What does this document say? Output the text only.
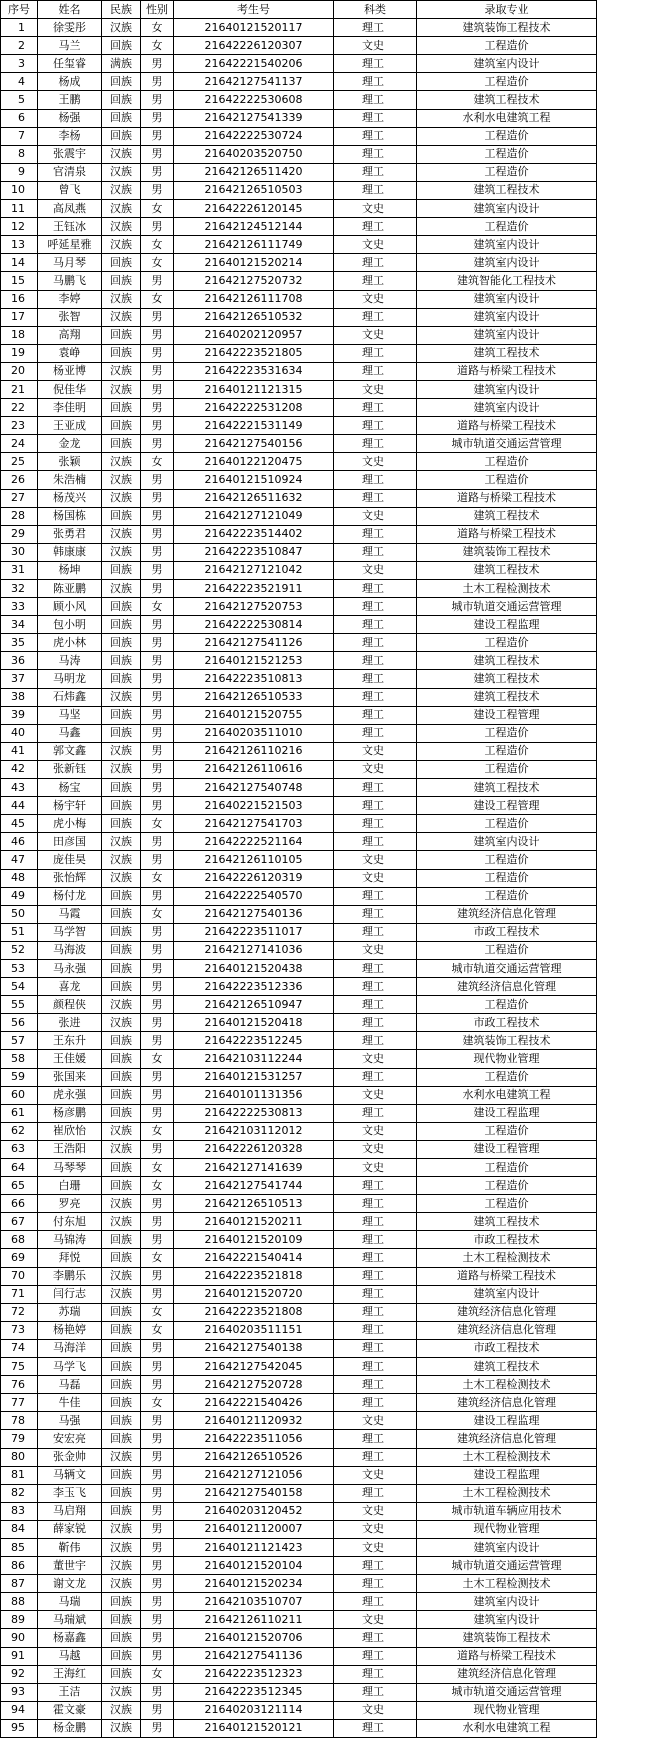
序号	姓名	民族	性别	考生号	科类	录取专业
1	徐雯彤	汉族	女	21640121520117	理工	建筑装饰工程技术
2	马兰	回族	女	21642226120307	文史	工程造价
3	任玺睿	满族	男	21642221540206	理工	建筑室内设计
4	杨成	回族	男	21642127541137	理工	工程造价
5	王鹏	回族	男	21642222530608	理工	建筑工程技术
6	杨强	回族	男	21642127541339	理工	水利水电建筑工程
7	李杨	回族	男	21642222530724	理工	工程造价
8	张震宇	汉族	男	21640203520750	理工	工程造价
9	官清泉	汉族	男	21642126511420	理工	工程造价
10	曾飞	汉族	男	21642126510503	理工	建筑工程技术
11	高凤燕	汉族	女	21642226120145	文史	建筑室内设计
12	王钰冰	汉族	男	21642124512144	理工	工程造价
13	呼延星雅	汉族	女	21642126111749	文史	建筑室内设计
14	马月琴	回族	女	21640121520214	理工	建筑室内设计
15	马鹏飞	回族	男	21642127520732	理工	建筑智能化工程技术
16	李婷	汉族	女	21642126111708	文史	建筑室内设计
17	张智	汉族	男	21642126510532	理工	建筑室内设计
18	高翔	回族	男	21640202120957	文史	建筑室内设计
19	袁峥	回族	男	21642223521805	理工	建筑工程技术
20	杨亚博	汉族	男	21642223531634	理工	道路与桥梁工程技术
21	倪佳华	汉族	男	21640121121315	文史	建筑室内设计
22	李佳明	回族	男	21642222531208	理工	建筑室内设计
23	王亚成	回族	男	21642221531149	理工	道路与桥梁工程技术
24	金龙	回族	男	21642127540156	理工	城市轨道交通运营管理
25	张颖	汉族	女	21640122120475	文史	工程造价
26	朱浩楠	汉族	男	21640121510924	理工	工程造价
27	杨茂兴	汉族	男	21642126511632	理工	道路与桥梁工程技术
28	杨国栋	回族	男	21642127121049	文史	建筑工程技术
29	张勇君	汉族	男	21642223514402	理工	道路与桥梁工程技术
30	韩康康	汉族	男	21642223510847	理工	建筑装饰工程技术
31	杨坤	回族	男	21642127121042	文史	建筑工程技术
32	陈亚鹏	汉族	男	21642223521911	理工	土木工程检测技术
33	顾小风	回族	女	21642127520753	理工	城市轨道交通运营管理
34	包小明	回族	男	21642222530814	理工	建设工程监理
35	虎小林	回族	男	21642127541126	理工	工程造价
36	马涛	回族	男	21640121521253	理工	建筑工程技术
37	马明龙	回族	男	21642223510813	理工	建筑工程技术
38	石炜鑫	汉族	男	21642126510533	理工	建筑工程技术
39	马坚	回族	男	21640121520755	理工	建设工程管理
40	马鑫	回族	男	21640203511010	理工	工程造价
41	郭文鑫	汉族	男	21642126110216	文史	工程造价
42	张新钰	汉族	男	21642126110616	文史	工程造价
43	杨宝	回族	男	21642127540748	理工	建筑工程技术
44	杨宇轩	回族	男	21640221521503	理工	建设工程管理
45	虎小梅	回族	女	21642127541703	理工	工程造价
46	田彦国	汉族	男	21642222521164	理工	建筑室内设计
47	庞佳昊	汉族	男	21642126110105	文史	工程造价
48	张怡辉	汉族	女	21642226120319	文史	工程造价
49	杨付龙	回族	男	21642222540570	理工	工程造价
50	马霞	回族	女	21642127540136	理工	建筑经济信息化管理
51	马学智	回族	男	21642223511017	理工	市政工程技术
52	马海波	回族	男	21642127141036	文史	工程造价
53	马永强	回族	男	21640121520438	理工	城市轨道交通运营管理
54	喜龙	回族	男	21642223512336	理工	建筑经济信息化管理
55	颜程侠	汉族	男	21642126510947	理工	工程造价
56	张进	汉族	男	21640121520418	理工	市政工程技术
57	王东升	回族	男	21642223512245	理工	建筑装饰工程技术
58	王佳媛	回族	女	21642103112244	文史	现代物业管理
59	张国来	回族	男	21640121531257	理工	工程造价
60	虎永强	回族	男	21640101131356	文史	水利水电建筑工程
61	杨彦鹏	回族	男	21642222530813	理工	建设工程监理
62	崔欣怡	汉族	女	21642103112012	文史	工程造价
63	王浩阳	汉族	男	21642226120328	文史	建设工程管理
64	马琴琴	回族	女	21642127141639	文史	工程造价
65	白珊	回族	女	21642127541744	理工	工程造价
66	罗亮	汉族	男	21642126510513	理工	工程造价
67	付东旭	汉族	男	21640121520211	理工	建筑工程技术
68	马锦涛	回族	男	21640121520109	理工	市政工程技术
69	拜悦	回族	女	21642221540414	理工	土木工程检测技术
70	李鹏乐	汉族	男	21642223521818	理工	道路与桥梁工程技术
71	闫行志	汉族	男	21640121520720	理工	建筑室内设计
72	苏瑞	回族	女	21642223521808	理工	建筑经济信息化管理
73	杨艳婷	回族	女	21640203511151	理工	建筑经济信息化管理
74	马海洋	回族	男	21642127540138	理工	市政工程技术
75	马学飞	回族	男	21642127542045	理工	建筑工程技术
76	马磊	回族	男	21642127520728	理工	土木工程检测技术
77	牛佳	回族	女	21642221540426	理工	建筑经济信息化管理
78	马强	回族	男	21640121120932	文史	建设工程监理
79	安宏亮	回族	男	21642223511056	理工	建筑经济信息化管理
80	张金帅	汉族	男	21642126510526	理工	土木工程检测技术
81	马辆文	回族	男	21642127121056	文史	建设工程监理
82	李玉飞	回族	男	21642127540158	理工	土木工程检测技术
83	马启翔	回族	男	21640203120452	文史	城市轨道车辆应用技术
84	薛家锐	汉族	男	21640121120007	文史	现代物业管理
85	靳伟	汉族	男	21640121121423	文史	建筑室内设计
86	董世宇	汉族	男	21640121520104	理工	城市轨道交通运营管理
87	谢文龙	汉族	男	21640121520234	理工	土木工程检测技术
88	马瑞	回族	男	21642103510707	理工	建筑室内设计
89	马瑞斌	回族	男	21642126110211	文史	建筑室内设计
90	杨嘉鑫	回族	男	21640121520706	理工	建筑装饰工程技术
91	马越	回族	男	21642127541136	理工	道路与桥梁工程技术
92	王海红	回族	女	21642223512323	理工	建筑经济信息化管理
93	王洁	汉族	男	21642223512345	理工	城市轨道交通运营管理
94	霍文豪	汉族	男	21640203121114	文史	现代物业管理
95	杨金鹏	汉族	男	21640121520121	理工	水利水电建筑工程
